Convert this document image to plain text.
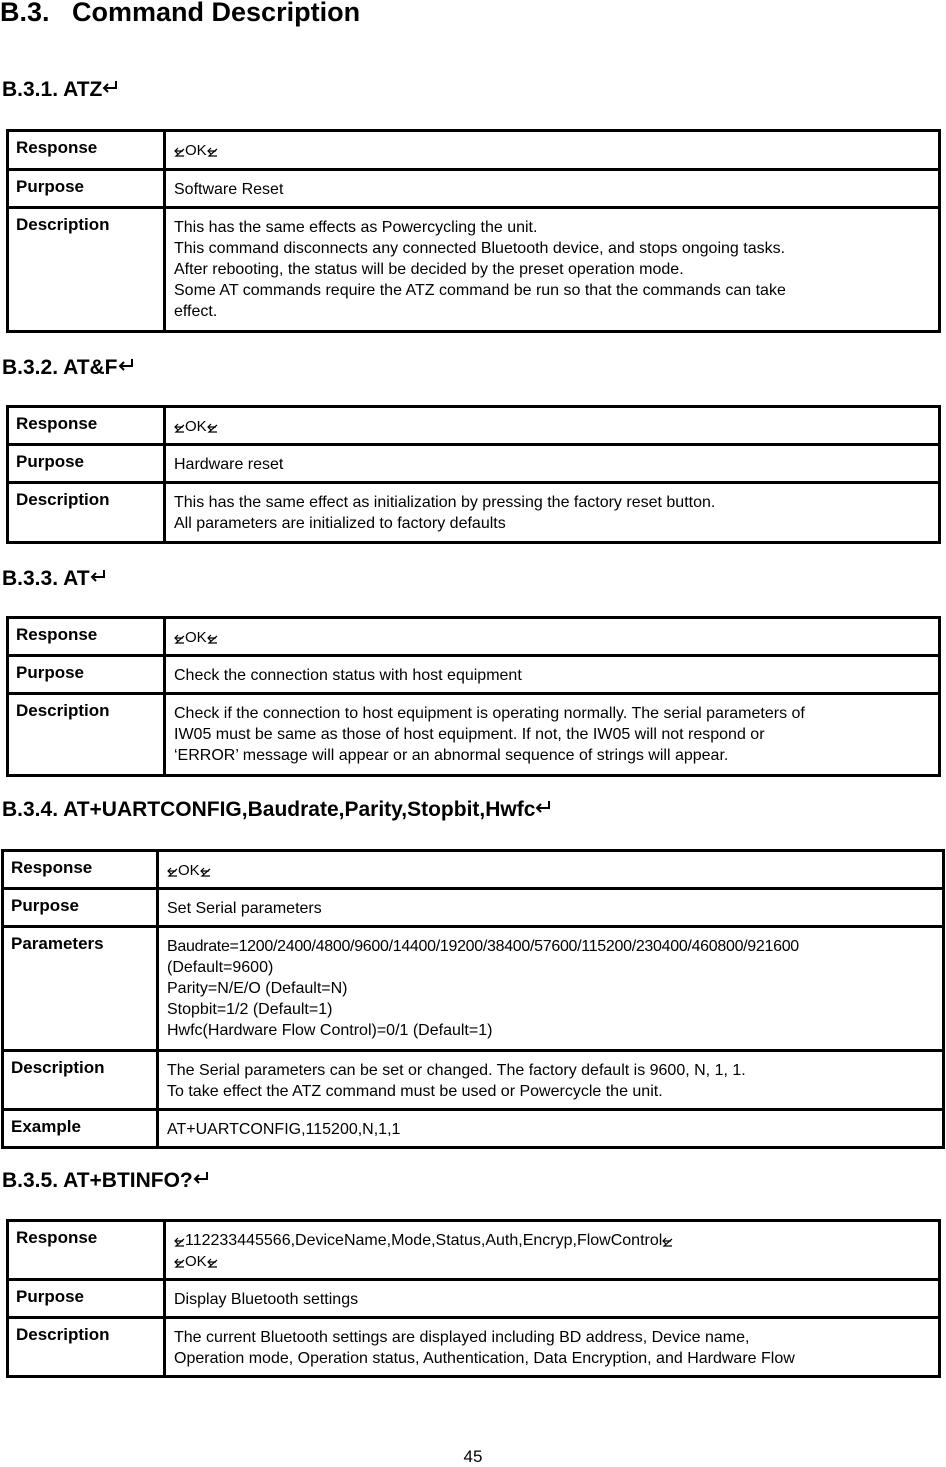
B.3.   Command Description
B.3.1. ATZ
Response	OK

Purpose	Software Reset

Description	This has the same effects as Powercycling the unit.
This command disconnects any connected Bluetooth device, and stops ongoing tasks.
After rebooting, the status will be decided by the preset operation mode.
Some AT commands require the ATZ command be run so that the commands can take
effect.
B.3.2. AT&F
Response	OK

Purpose	Hardware reset

Description	This has the same effect as initialization by pressing the factory reset button.
All parameters are initialized to factory defaults
B.3.3. AT
Response	OK

Purpose	Check the connection status with host equipment

Description	Check if the connection to host equipment is operating normally. The serial parameters of
IW05 must be same as those of host equipment. If not, the IW05 will not respond or
‘ERROR’ message will appear or an abnormal sequence of strings will appear.
B.3.4. AT+UARTCONFIG,Baudrate,Parity,Stopbit,Hwfc
Response	OK

Purpose	Set Serial parameters

Parameters	Baudrate=1200/2400/4800/9600/14400/19200/38400/57600/115200/230400/460800/921600
(Default=9600)
Parity=N/E/O (Default=N)
Stopbit=1/2 (Default=1)
Hwfc(Hardware Flow Control)=0/1 (Default=1)

Description	The Serial parameters can be set or changed. The factory default is 9600, N, 1, 1.
To take effect the ATZ command must be used or Powercycle the unit.

Example	AT+UARTCONFIG,115200,N,1,1
B.3.5. AT+BTINFO?
Response	112233445566,DeviceName,Mode,Status,Auth,Encryp,FlowControl
OK

Purpose	Display Bluetooth settings

Description	The current Bluetooth settings are displayed including BD address, Device name,
Operation mode, Operation status, Authentication, Data Encryption, and Hardware Flow
45
